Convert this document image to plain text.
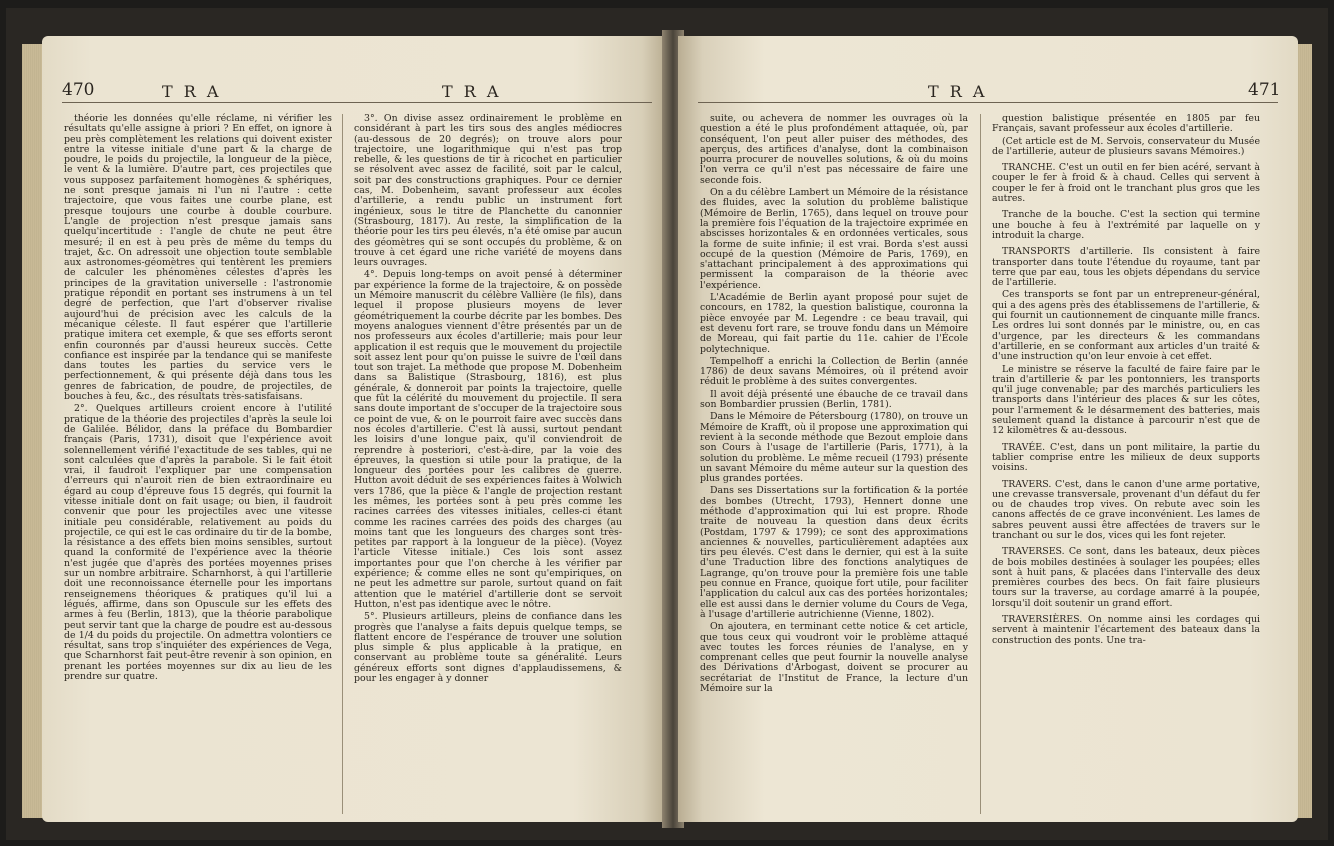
470	T R A	T R A

théorie les données qu'elle réclame, ni vérifier les résultats qu'elle assigne à priori ? En effet, on ignore à peu près complètement les relations qui doivent exister entre la vitesse initiale d'une part & la charge de poudre, le poids du projectile, la longueur de la pièce, le vent & la lumière. D'autre part, ces projectiles que vous supposez parfaitement homogènes & sphériques, ne sont presque jamais ni l'un ni l'autre : cette trajectoire, que vous faites une courbe plane, est presque toujours une courbe à double courbure. L'angle de projection n'est presque jamais sans quelqu'incertitude : l'angle de chute ne peut être mesuré; il en est à peu près de même du temps du trajet, &c. On adressoit une objection toute semblable aux astronomes-géomètres qui tentèrent les premiers de calculer les phénomènes célestes d'après les principes de la gravitation universelle : l'astronomie pratique répondit en portant ses instrumens à un tel degré de perfection, que l'art d'observer rivalise aujourd'hui de précision avec les calculs de la mécanique céleste. Il faut espérer que l'artillerie pratique imitera cet exemple, & que ses efforts seront enfin couronnés par d'aussi heureux succès. Cette confiance est inspirée par la tendance qui se manifeste dans toutes les parties du service vers le perfectionnement, & qui présente déjà dans tous les genres de fabrication, de poudre, de projectiles, de bouches à feu, &c., des résultats très-satisfaisans.

2°. Quelques artilleurs croient encore à l'utilité pratique de la théorie des projectiles d'après la seule loi de Galilée. Bélidor, dans la préface du Bombardier français (Paris, 1731), disoit que l'expérience avoit solennellement vérifié l'exactitude de ses tables, qui ne sont calculées que d'après la parabole. Si le fait étoit vrai, il faudroit l'expliquer par une compensation d'erreurs qui n'auroit rien de bien extraordinaire eu égard au coup d'épreuve fous 15 degrés, qui fournit la vitesse initiale dont on fait usage; ou bien, il faudroit convenir que pour les projectiles avec une vitesse initiale peu considérable, relativement au poids du projectile, ce qui est le cas ordinaire du tir de la bombe, la résistance a des effets bien moins sensibles, surtout quand la conformité de l'expérience avec la théorie n'est jugée que d'après des portées moyennes prises sur un nombre arbitraire. Scharnhorst, à qui l'artillerie doit une reconnoissance éternelle pour les importans renseignemens théoriques & pratiques qu'il lui a légués, affirme, dans son Opuscule sur les effets des armes à feu (Berlin, 1813), que la théorie parabolique peut servir tant que la charge de poudre est au-dessous de 1/4 du poids du projectile. On admettra volontiers ce résultat, sans trop s'inquiéter des expériences de Vega, que Scharnhorst fait peut-être revenir à son opinion, en prenant les portées moyennes sur dix au lieu de les prendre sur quatre.

3°. On divise assez ordinairement le problème en considérant à part les tirs sous des angles médiocres (au-dessous de 20 degrés); on trouve alors pour trajectoire, une logarithmique qui n'est pas trop rebelle, & les questions de tir à ricochet en particulier se résolvent avec assez de facilité, soit par le calcul, soit par des constructions graphiques. Pour ce dernier cas, M. Dobenheim, savant professeur aux écoles d'artillerie, a rendu public un instrument fort ingénieux, sous le titre de Planchette du canonnier (Strasbourg, 1817). Au reste, la simplification de la théorie pour les tirs peu élevés, n'a été omise par aucun des géomètres qui se sont occupés du problème, & on trouve à cet égard une riche variété de moyens dans leurs ouvrages.

4°. Depuis long-temps on avoit pensé à déterminer par expérience la forme de la trajectoire, & on possède un Mémoire manuscrit du célèbre Vallière (le fils), dans lequel il propose plusieurs moyens de lever géométriquement la courbe décrite par les bombes. Des moyens analogues viennent d'être présentés par un de nos professeurs aux écoles d'artillerie; mais pour leur application il est requis que le mouvement du projectile soit assez lent pour qu'on puisse le suivre de l'œil dans tout son trajet. La méthode que propose M. Dobenheim dans sa Balistique (Strasbourg, 1816), est plus générale, & donneroit par points la trajectoire, quelle que fût la célérité du mouvement du projectile. Il sera sans doute important de s'occuper de la trajectoire sous ce point de vue, & on le pourroit faire avec succès dans nos écoles d'artillerie. C'est là aussi, surtout pendant les loisirs d'une longue paix, qu'il conviendroit de reprendre à posteriori, c'est-à-dire, par la voie des épreuves, la question si utile pour la pratique, de la longueur des portées pour les calibres de guerre. Hutton avoit déduit de ses expériences faites à Wolwich vers 1786, que la pièce & l'angle de projection restant les mêmes, les portées sont à peu près comme les racines carrées des vitesses initiales, celles-ci étant comme les racines carrées des poids des charges (au moins tant que les longueurs des charges sont très-petites par rapport à la longueur de la pièce). (Voyez l'article Vitesse initiale.) Ces lois sont assez importantes pour que l'on cherche à les vérifier par expérience; & comme elles ne sont qu'empiriques, on ne peut les admettre sur parole, surtout quand on fait attention que le matériel d'artillerie dont se servoit Hutton, n'est pas identique avec le nôtre.

5°. Plusieurs artilleurs, pleins de confiance dans les progrès que l'analyse a faits depuis quelque temps, se flattent encore de l'espérance de trouver une solution plus simple & plus applicable à la pratique, en conservant au problème toute sa généralité. Leurs généreux efforts sont dignes d'applaudissemens, & pour les engager à y donner

T R A	471

suite, ou achevera de nommer les ouvrages où la question a été le plus profondément attaquée, où, par conséquent, l'on peut aller puiser des méthodes, des aperçus, des artifices d'analyse, dont la combinaison pourra procurer de nouvelles solutions, & où du moins l'on verra ce qu'il n'est pas nécessaire de faire une seconde fois.

On a du célèbre Lambert un Mémoire de la résistance des fluides, avec la solution du problème balistique (Mémoire de Berlin, 1765), dans lequel on trouve pour la première fois l'équation de la trajectoire exprimée en abscisses horizontales & en ordonnées verticales, sous la forme de suite infinie; il est vrai. Borda s'est aussi occupé de la question (Mémoire de Paris, 1769), en s'attachant principalement à des approximations qui permissent la comparaison de la théorie avec l'expérience.

L'Académie de Berlin ayant proposé pour sujet de concours, en 1782, la question balistique, couronna la pièce envoyée par M. Legendre : ce beau travail, qui est devenu fort rare, se trouve fondu dans un Mémoire de Moreau, qui fait partie du 11e. cahier de l'École polytechnique.

Tempelhoff a enrichi la Collection de Berlin (année 1786) de deux savans Mémoires, où il prétend avoir réduit le problème à des suites convergentes.

Il avoit déjà présenté une ébauche de ce travail dans son Bombardier prussien (Berlin, 1781).

Dans le Mémoire de Pétersbourg (1780), on trouve un Mémoire de Krafft, où il propose une approximation qui revient à la seconde méthode que Bezout emploie dans son Cours à l'usage de l'artillerie (Paris, 1771), à la solution du problème. Le même recueil (1793) présente un savant Mémoire du même auteur sur la question des plus grandes portées.

Dans ses Dissertations sur la fortification & la portée des bombes (Utrecht, 1793), Hennert donne une méthode d'approximation qui lui est propre. Rhode traite de nouveau la question dans deux écrits (Postdam, 1797 & 1799); ce sont des approximations anciennes & nouvelles, particulièrement adaptées aux tirs peu élevés. C'est dans le dernier, qui est à la suite d'une Traduction libre des fonctions analytiques de Lagrange, qu'on trouve pour la première fois une table peu connue en France, quoique fort utile, pour faciliter l'application du calcul aux cas des portées horizontales; elle est aussi dans le dernier volume du Cours de Vega, à l'usage d'artillerie autrichienne (Vienne, 1802).

On ajoutera, en terminant cette notice & cet article, que tous ceux qui voudront voir le problème attaqué avec toutes les forces réunies de l'analyse, en y comprenant celles que peut fournir la nouvelle analyse des Dérivations d'Arbogast, doivent se procurer au secrétariat de l'Institut de France, la lecture d'un Mémoire sur la

question balistique présentée en 1805 par feu Français, savant professeur aux écoles d'artillerie.

(Cet article est de M. Servois, conservateur du Musée de l'artillerie, auteur de plusieurs savans Mémoires.)

TRANCHE. C'est un outil en fer bien acéré, servant à couper le fer à froid & à chaud. Celles qui servent à couper le fer à froid ont le tranchant plus gros que les autres.

Tranche de la bouche. C'est la section qui termine une bouche à feu à l'extrémité par laquelle on y introduit la charge.

TRANSPORTS d'artillerie. Ils consistent à faire transporter dans toute l'étendue du royaume, tant par terre que par eau, tous les objets dépendans du service de l'artillerie.

Ces transports se font par un entrepreneur-général, qui a des agens près des établissemens de l'artillerie, & qui fournit un cautionnement de cinquante mille francs. Les ordres lui sont donnés par le ministre, ou, en cas d'urgence, par les directeurs & les commandans d'artillerie, en se conformant aux articles d'un traité & d'une instruction qu'on leur envoie à cet effet.

Le ministre se réserve la faculté de faire faire par le train d'artillerie & par les pontonniers, les transports qu'il juge convenable; par des marchés particuliers les transports dans l'intérieur des places & sur les côtes, pour l'armement & le désarmement des batteries, mais seulement quand la distance à parcourir n'est que de 12 kilomètres & au-dessous.

TRAVÉE. C'est, dans un pont militaire, la partie du tablier comprise entre les milieux de deux supports voisins.

TRAVERS. C'est, dans le canon d'une arme portative, une crevasse transversale, provenant d'un défaut du fer ou de chaudes trop vives. On rebute avec soin les canons affectés de ce grave inconvénient. Les lames de sabres peuvent aussi être affectées de travers sur le tranchant ou sur le dos, vices qui les font rejeter.

TRAVERSES. Ce sont, dans les bateaux, deux pièces de bois mobiles destinées à soulager les poupées; elles sont à huit pans, & placées dans l'intervalle des deux premières courbes des becs. On fait faire plusieurs tours sur la traverse, au cordage amarré à la poupée, lorsqu'il doit soutenir un grand effort.

TRAVERSIÈRES. On nomme ainsi les cordages qui servent à maintenir l'écartement des bateaux dans la construction des ponts. Une tra-
